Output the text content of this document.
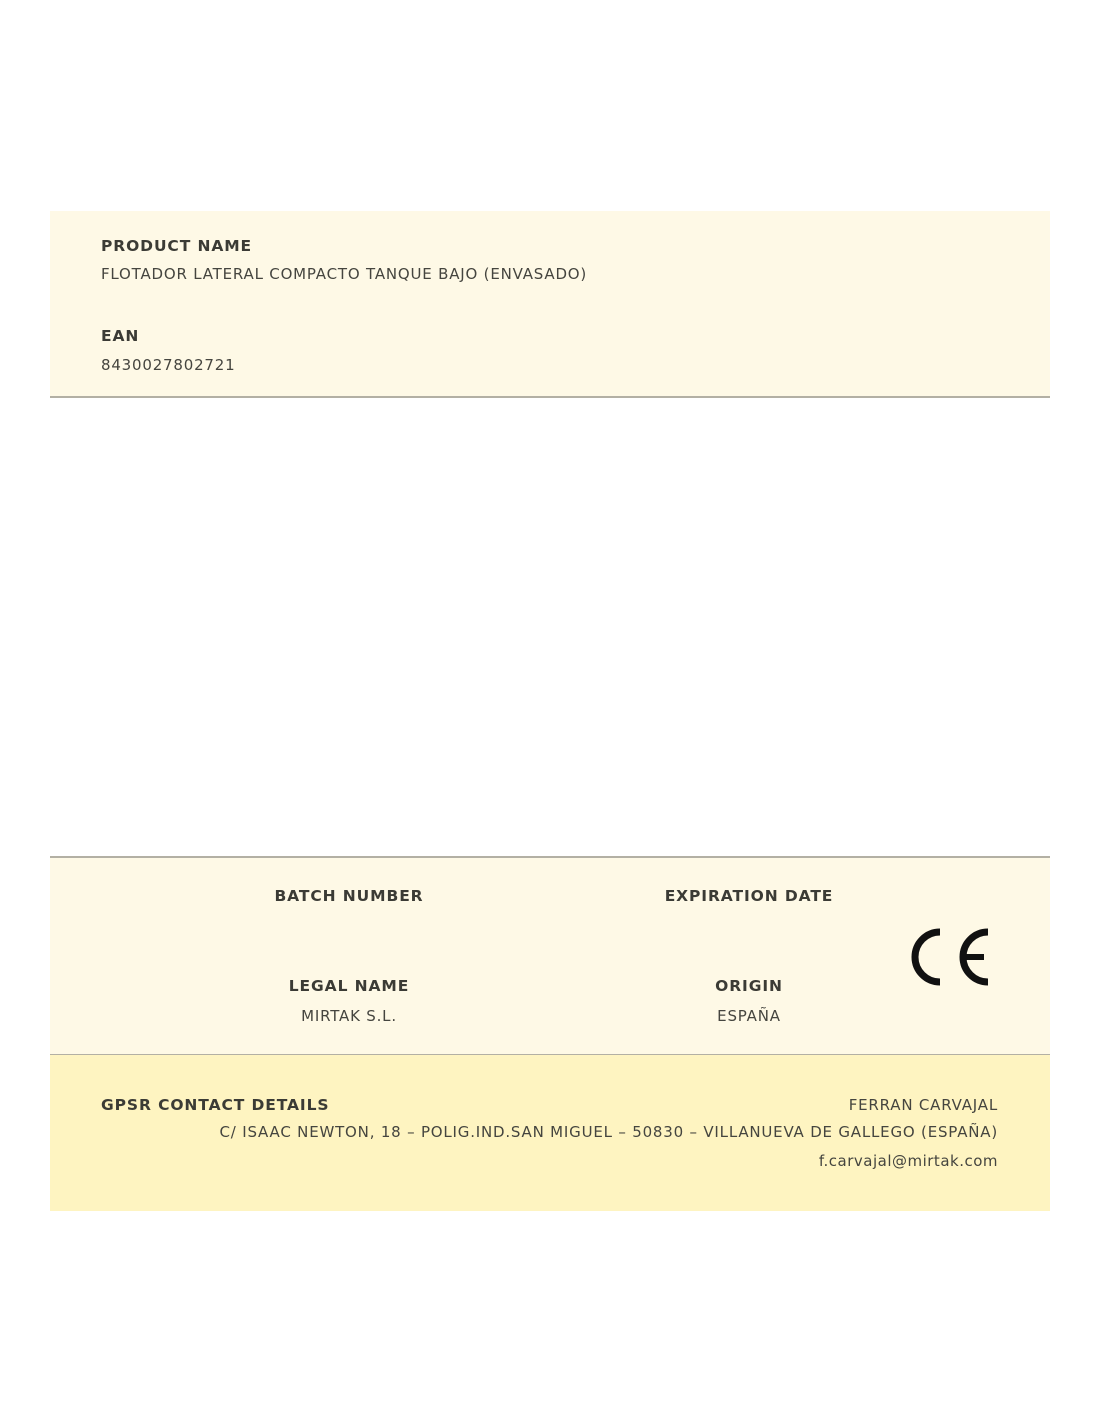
PRODUCT NAME
FLOTADOR LATERAL COMPACTO TANQUE BAJO (ENVASADO)
EAN
8430027802721
BATCH NUMBER	EXPIRATION DATE
LEGAL NAME
MIRTAK S.L.
ORIGIN
ESPAÑA
GPSR CONTACT DETAILS	FERRAN CARVAJAL
C/ ISAAC NEWTON, 18 – POLIG.IND.SAN MIGUEL – 50830 – VILLANUEVA DE GALLEGO (ESPAÑA)
f.carvajal@mirtak.com
